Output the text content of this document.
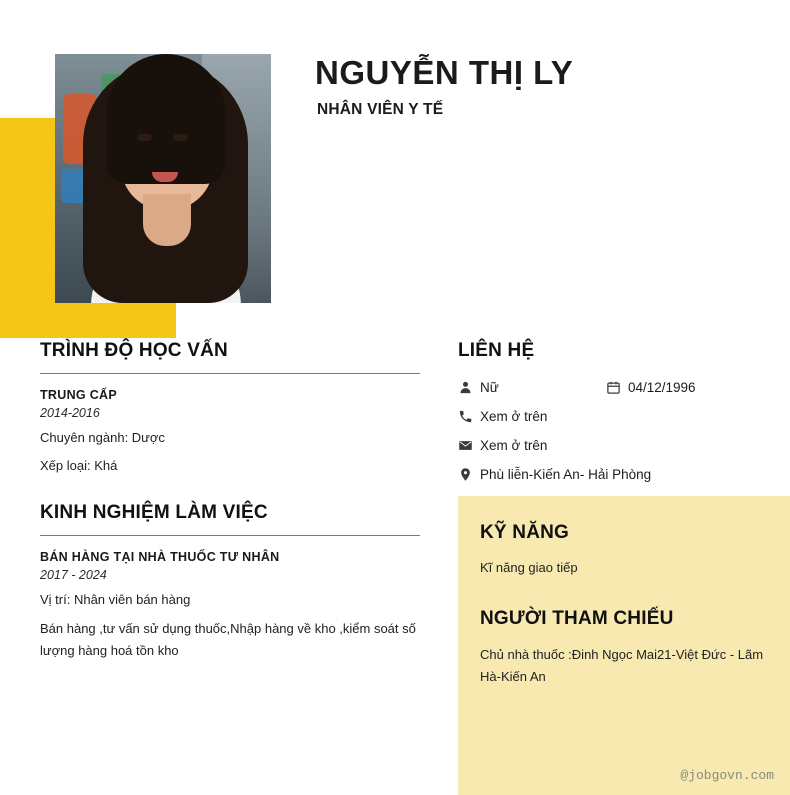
NGUYỄN THỊ LY
NHÂN VIÊN Y TẾ
TRÌNH ĐỘ HỌC VẤN
TRUNG CẤP
2014-2016
Chuyên ngành: Dược
Xếp loại: Khá
KINH NGHIỆM LÀM VIỆC
BÁN HÀNG TẠI NHÀ THUỐC TƯ NHÂN
2017 - 2024
Vị trí: Nhân viên bán hàng
Bán hàng ,tư vấn sử dụng thuốc,Nhập hàng về kho ,kiểm soát số lượng hàng hoá tồn kho
LIÊN HỆ
Nữ	04/12/1996
Xem ở trên
Xem ở trên
Phù liễn-Kiến An- Hải Phòng
KỸ NĂNG
Kĩ năng giao tiếp
NGƯỜI THAM CHIẾU
Chủ nhà thuốc :Đinh Ngọc Mai21-Việt Đức - Lãm Hà-Kiến An
@jobgovn.com
